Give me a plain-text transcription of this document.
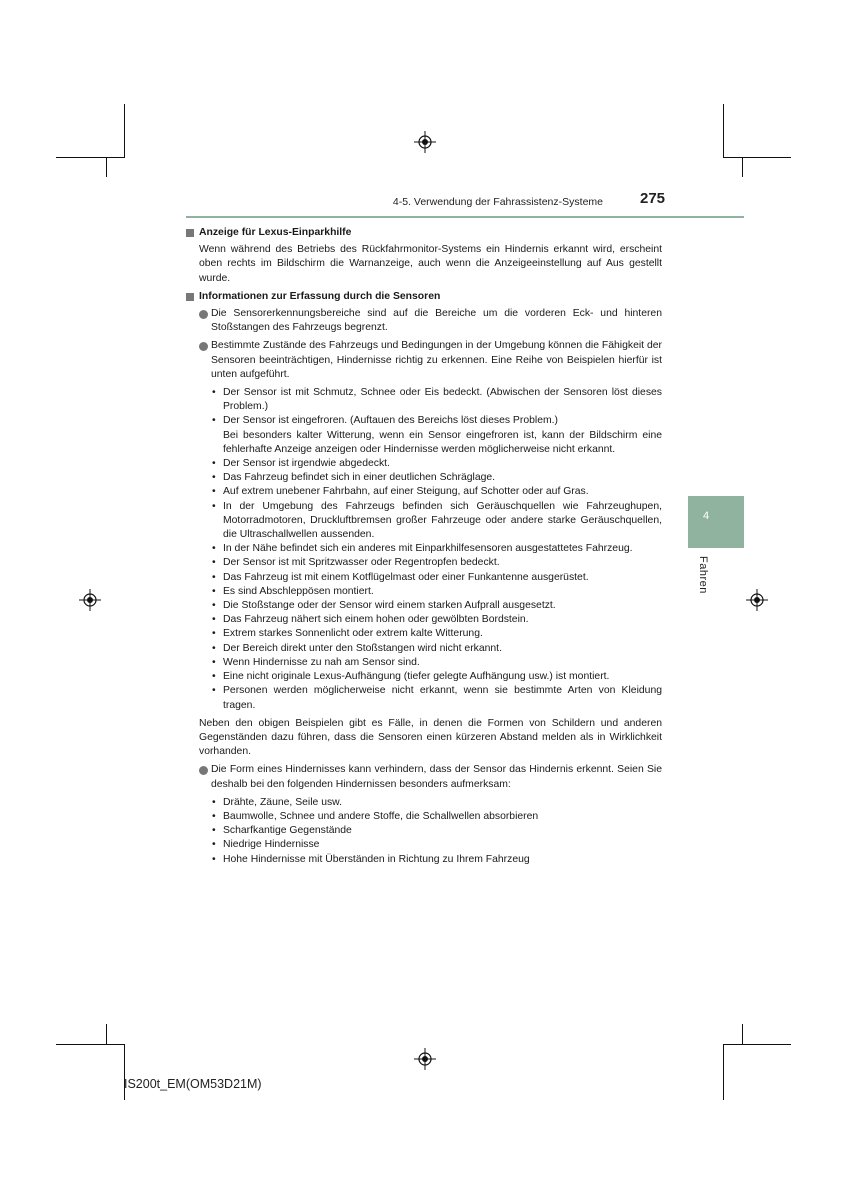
4-5. Verwendung der Fahrassistenz-Systeme 275
4
Fahren
Anzeige für Lexus-Einparkhilfe
Wenn während des Betriebs des Rückfahrmonitor-Systems ein Hindernis erkannt wird, erscheint oben rechts im Bildschirm die Warnanzeige, auch wenn die Anzeigeeinstellung auf Aus gestellt wurde.
Informationen zur Erfassung durch die Sensoren
Die Sensorerkennungsbereiche sind auf die Bereiche um die vorderen Eck- und hinteren Stoßstangen des Fahrzeugs begrenzt.
Bestimmte Zustände des Fahrzeugs und Bedingungen in der Umgebung können die Fähigkeit der Sensoren beeinträchtigen, Hindernisse richtig zu erkennen. Eine Reihe von Beispielen hierfür ist unten aufgeführt.
• Der Sensor ist mit Schmutz, Schnee oder Eis bedeckt. (Abwischen der Sensoren löst dieses Problem.)
• Der Sensor ist eingefroren. (Auftauen des Bereichs löst dieses Problem.)
Bei besonders kalter Witterung, wenn ein Sensor eingefroren ist, kann der Bildschirm eine fehlerhafte Anzeige anzeigen oder Hindernisse werden möglicherweise nicht erkannt.
• Der Sensor ist irgendwie abgedeckt.
• Das Fahrzeug befindet sich in einer deutlichen Schräglage.
• Auf extrem unebener Fahrbahn, auf einer Steigung, auf Schotter oder auf Gras.
• In der Umgebung des Fahrzeugs befinden sich Geräuschquellen wie Fahrzeughupen, Motorradmotoren, Druckluftbremsen großer Fahrzeuge oder andere starke Geräuschquellen, die Ultraschallwellen aussenden.
• In der Nähe befindet sich ein anderes mit Einparkhilfesensoren ausgestattetes Fahrzeug.
• Der Sensor ist mit Spritzwasser oder Regentropfen bedeckt.
• Das Fahrzeug ist mit einem Kotflügelmast oder einer Funkantenne ausgerüstet.
• Es sind Abschleppösen montiert.
• Die Stoßstange oder der Sensor wird einem starken Aufprall ausgesetzt.
• Das Fahrzeug nähert sich einem hohen oder gewölbten Bordstein.
• Extrem starkes Sonnenlicht oder extrem kalte Witterung.
• Der Bereich direkt unter den Stoßstangen wird nicht erkannt.
• Wenn Hindernisse zu nah am Sensor sind.
• Eine nicht originale Lexus-Aufhängung (tiefer gelegte Aufhängung usw.) ist montiert.
• Personen werden möglicherweise nicht erkannt, wenn sie bestimmte Arten von Kleidung tragen.
Neben den obigen Beispielen gibt es Fälle, in denen die Formen von Schildern und anderen Gegenständen dazu führen, dass die Sensoren einen kürzeren Abstand melden als in Wirklichkeit vorhanden.
Die Form eines Hindernisses kann verhindern, dass der Sensor das Hindernis erkennt. Seien Sie deshalb bei den folgenden Hindernissen besonders aufmerksam:
• Drähte, Zäune, Seile usw.
• Baumwolle, Schnee und andere Stoffe, die Schallwellen absorbieren
• Scharfkantige Gegenstände
• Niedrige Hindernisse
• Hohe Hindernisse mit Überständen in Richtung zu Ihrem Fahrzeug
IS200t_EM(OM53D21M)
